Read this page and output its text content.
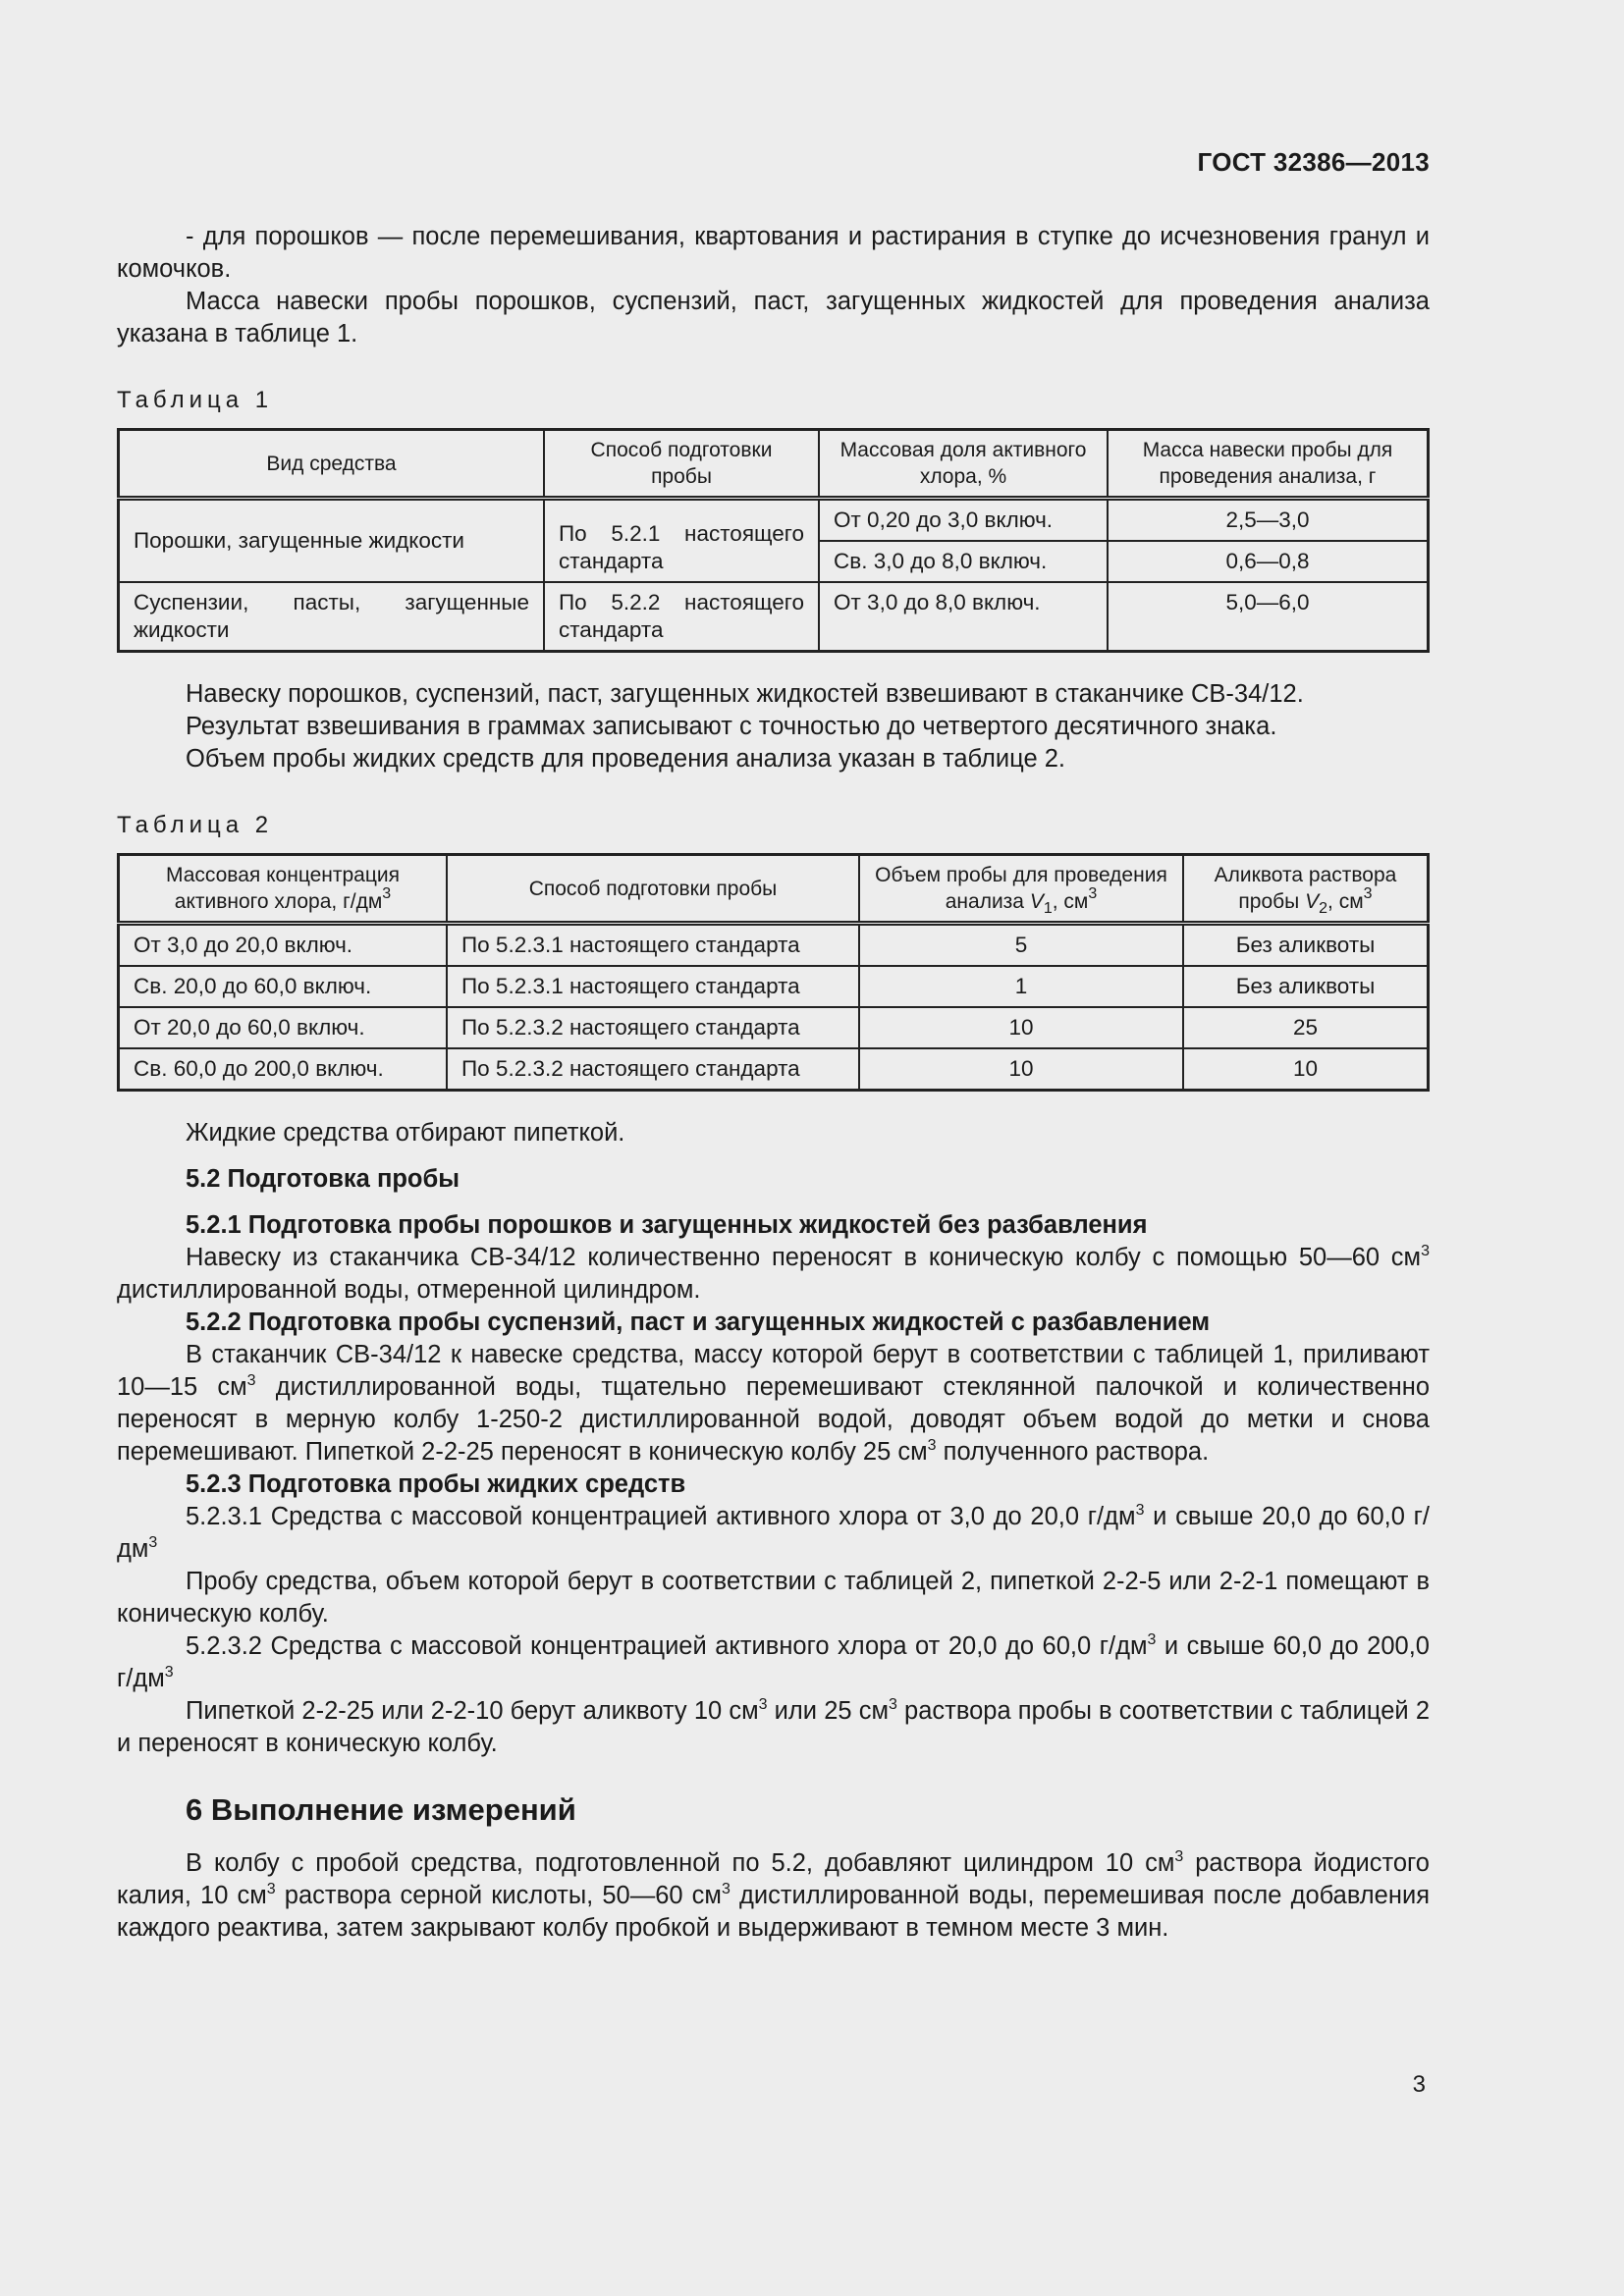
ГОСТ 32386—2013

- для порошков — после перемешивания, квартования и растирания в ступке до исчезновения гранул и комочков.

Масса навески пробы порошков, суспензий, паст, загущенных жидкостей для проведения анализа указана в таблице 1.

Таблица 1

Вид средства	Способ подготовки пробы	Массовая доля активного хлора, %	Масса навески пробы для проведения анализа, г
Порошки, загущенные жидкости	По 5.2.1 настоящего стандарта	От 0,20 до 3,0 включ.	2,5—3,0
		Св. 3,0 до 8,0 включ.	0,6—0,8
Суспензии, пасты, загущенные жидкости	По 5.2.2 настоящего стандарта	От 3,0 до 8,0 включ.	5,0—6,0

Навеску порошков, суспензий, паст, загущенных жидкостей взвешивают в стаканчике СВ-34/12.

Результат взвешивания в граммах записывают с точностью до четвертого десятичного знака.

Объем пробы жидких средств для проведения анализа указан в таблице 2.

Таблица 2

Массовая концентрация активного хлора, $г/дм^3$	Способ подготовки пробы	Объем пробы для проведения анализа $V_1$, $см^3$	Аликвота раствора пробы $V_2$, $см^3$
От 3,0 до 20,0 включ.	По 5.2.3.1 настоящего стандарта	5	Без аликвоты
Св. 20,0 до 60,0 включ.	По 5.2.3.1 настоящего стандарта	1	Без аликвоты
От 20,0 до 60,0 включ.	По 5.2.3.2 настоящего стандарта	10	25
Св. 60,0 до 200,0 включ.	По 5.2.3.2 настоящего стандарта	10	10

Жидкие средства отбирают пипеткой.

5.2 Подготовка пробы

5.2.1 Подготовка пробы порошков и загущенных жидкостей без разбавления

Навеску из стаканчика СВ-34/12 количественно переносят в коническую колбу с помощью 50—60 $см^3$ дистиллированной воды, отмеренной цилиндром.

5.2.2 Подготовка пробы суспензий, паст и загущенных жидкостей с разбавлением

В стаканчик СВ-34/12 к навеске средства, массу которой берут в соответствии с таблицей 1, приливают 10—15 $см^3$ дистиллированной воды, тщательно перемешивают стеклянной палочкой и количественно переносят в мерную колбу 1-250-2 дистиллированной водой, доводят объем водой до метки и снова перемешивают. Пипеткой 2-2-25 переносят в коническую колбу 25 $см^3$ полученного раствора.

5.2.3 Подготовка пробы жидких средств

5.2.3.1 Средства с массовой концентрацией активного хлора от 3,0 до 20,0 $г/дм^3$ и свыше 20,0 до 60,0 $г/дм^3$

Пробу средства, объем которой берут в соответствии с таблицей 2, пипеткой 2-2-5 или 2-2-1 помещают в коническую колбу.

5.2.3.2 Средства с массовой концентрацией активного хлора от 20,0 до 60,0 $г/дм^3$ и свыше 60,0 до 200,0 $г/дм^3$

Пипеткой 2-2-25 или 2-2-10 берут аликвоту 10 $см^3$ или 25 $см^3$ раствора пробы в соответствии с таблицей 2 и переносят в коническую колбу.

6 Выполнение измерений

В колбу с пробой средства, подготовленной по 5.2, добавляют цилиндром 10 $см^3$ раствора йодистого калия, 10 $см^3$ раствора серной кислоты, 50—60 $см^3$ дистиллированной воды, перемешивая после добавления каждого реактива, затем закрывают колбу пробкой и выдерживают в темном месте 3 мин.

3
